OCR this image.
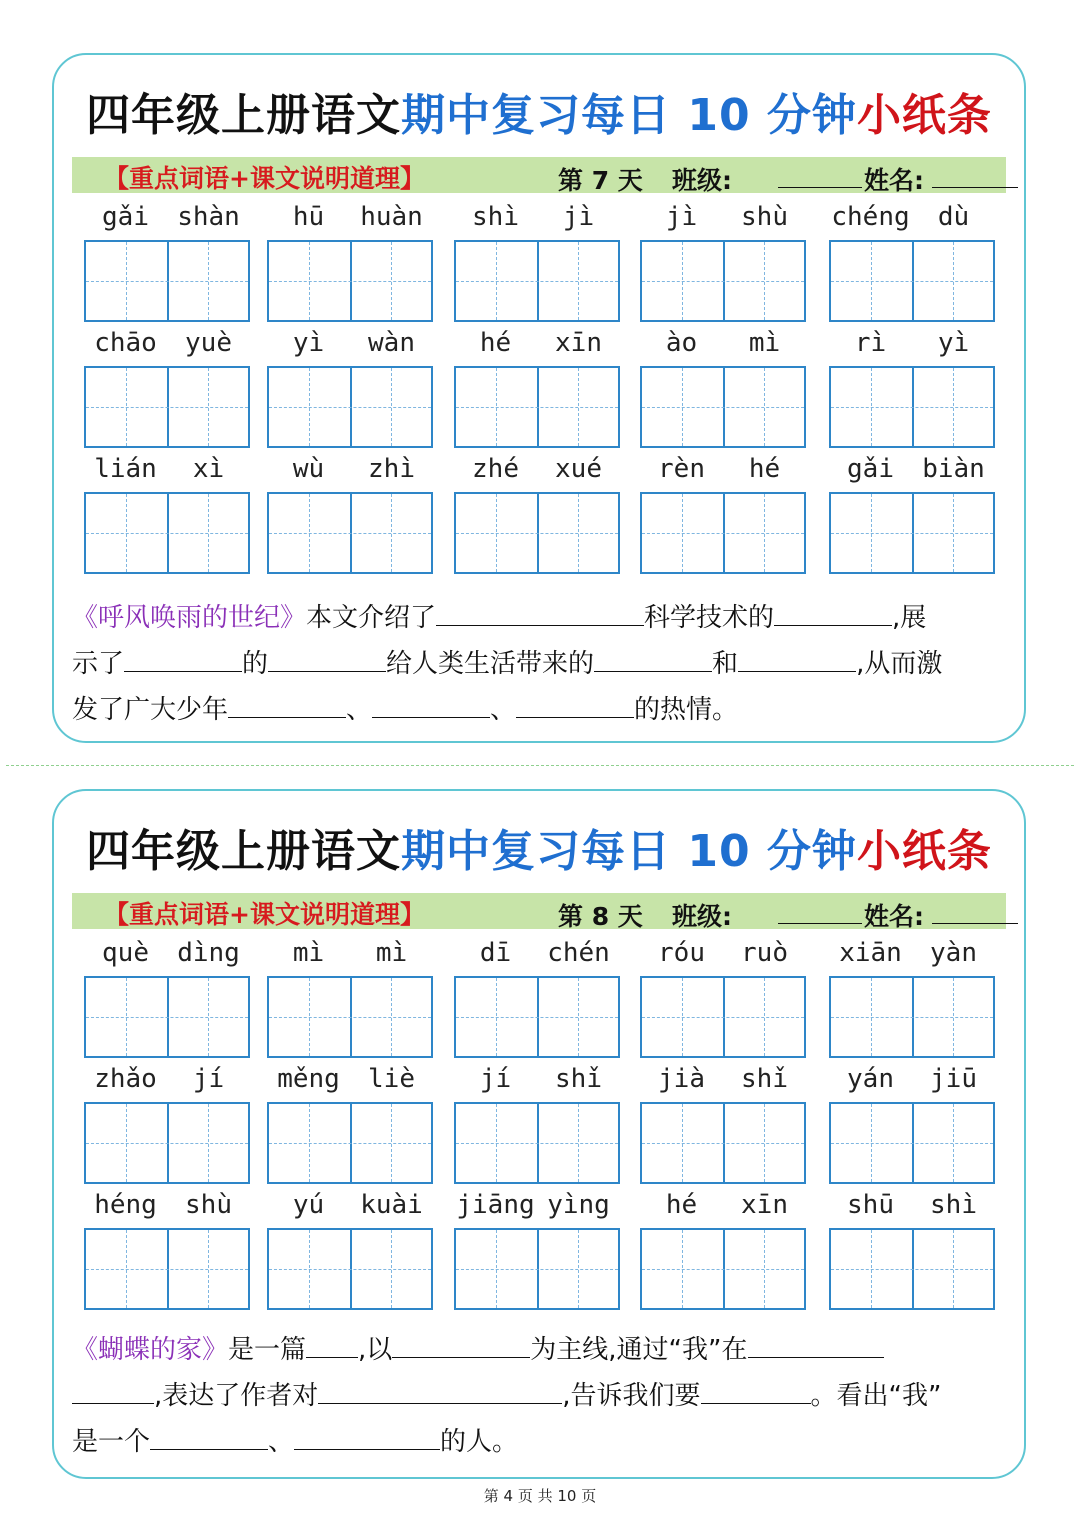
四年级上册语文期中复习每日 10 分钟小纸条
【重点词语+课文说明道理】	第 7 天 班级:	姓名:
gǎi	shàn	hū	huàn	shì	jì	jì	shù	chéng	dù
chāo	yuè	yì	wàn	hé	xīn	ào	mì	rì	yì
lián	xì	wù	zhì	zhé	xué	rèn	hé	gǎi	biàn
《呼风唤雨的世纪》本文介绍了	科学技术的	,展
示了	的	给人类生活带来的	和	,从而激
发了广大少年	、	、	的热情。
四年级上册语文期中复习每日 10 分钟小纸条
【重点词语+课文说明道理】	第 8 天 班级:	姓名:
què	dìng	mì	mì	dī	chén	róu	ruò	xiān	yàn
zhǎo	jí	měng	liè	jí	shǐ	jià	shǐ	yán	jiū
héng	shù	yú	kuài	jiāng yìng	hé	xīn	shū	shì
《蝴蝶的家》是一篇 ,以	为主线,通过“我”在
,表达了作者对	,告诉我们要	。看出“我”
是一个	、	的人。
第 4 页 共 10 页
